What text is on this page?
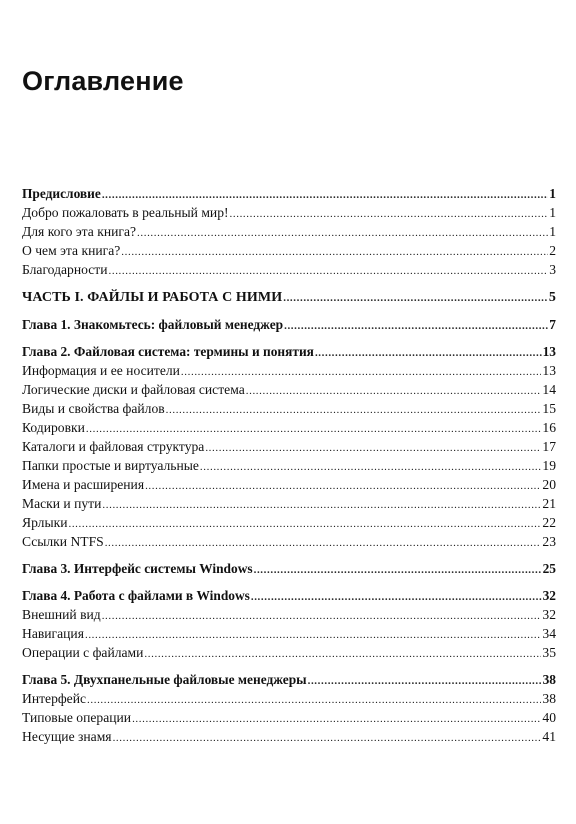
Оглавление
Предисловие .....	1
Добро пожаловать в реальный мир! .....	1
Для кого эта книга? .....	1
О чем эта книга? .....	2
Благодарности .....	3
ЧАСТЬ I. ФАЙЛЫ И РАБОТА С НИМИ .....	5
Глава 1. Знакомьтесь: файловый менеджер .....	7
Глава 2. Файловая система: термины и понятия .....	13
Информация и ее носители .....	13
Логические диски и файловая система .....	14
Виды и свойства файлов .....	15
Кодировки .....	16
Каталоги и файловая структура .....	17
Папки простые и виртуальные .....	19
Имена и расширения .....	20
Маски и пути .....	21
Ярлыки .....	22
Ссылки NTFS .....	23
Глава 3. Интерфейс системы Windows .....	25
Глава 4. Работа с файлами в Windows .....	32
Внешний вид .....	32
Навигация .....	34
Операции с файлами .....	35
Глава 5. Двухпанельные файловые менеджеры .....	38
Интерфейс .....	38
Типовые операции .....	40
Несущие знамя .....	41
